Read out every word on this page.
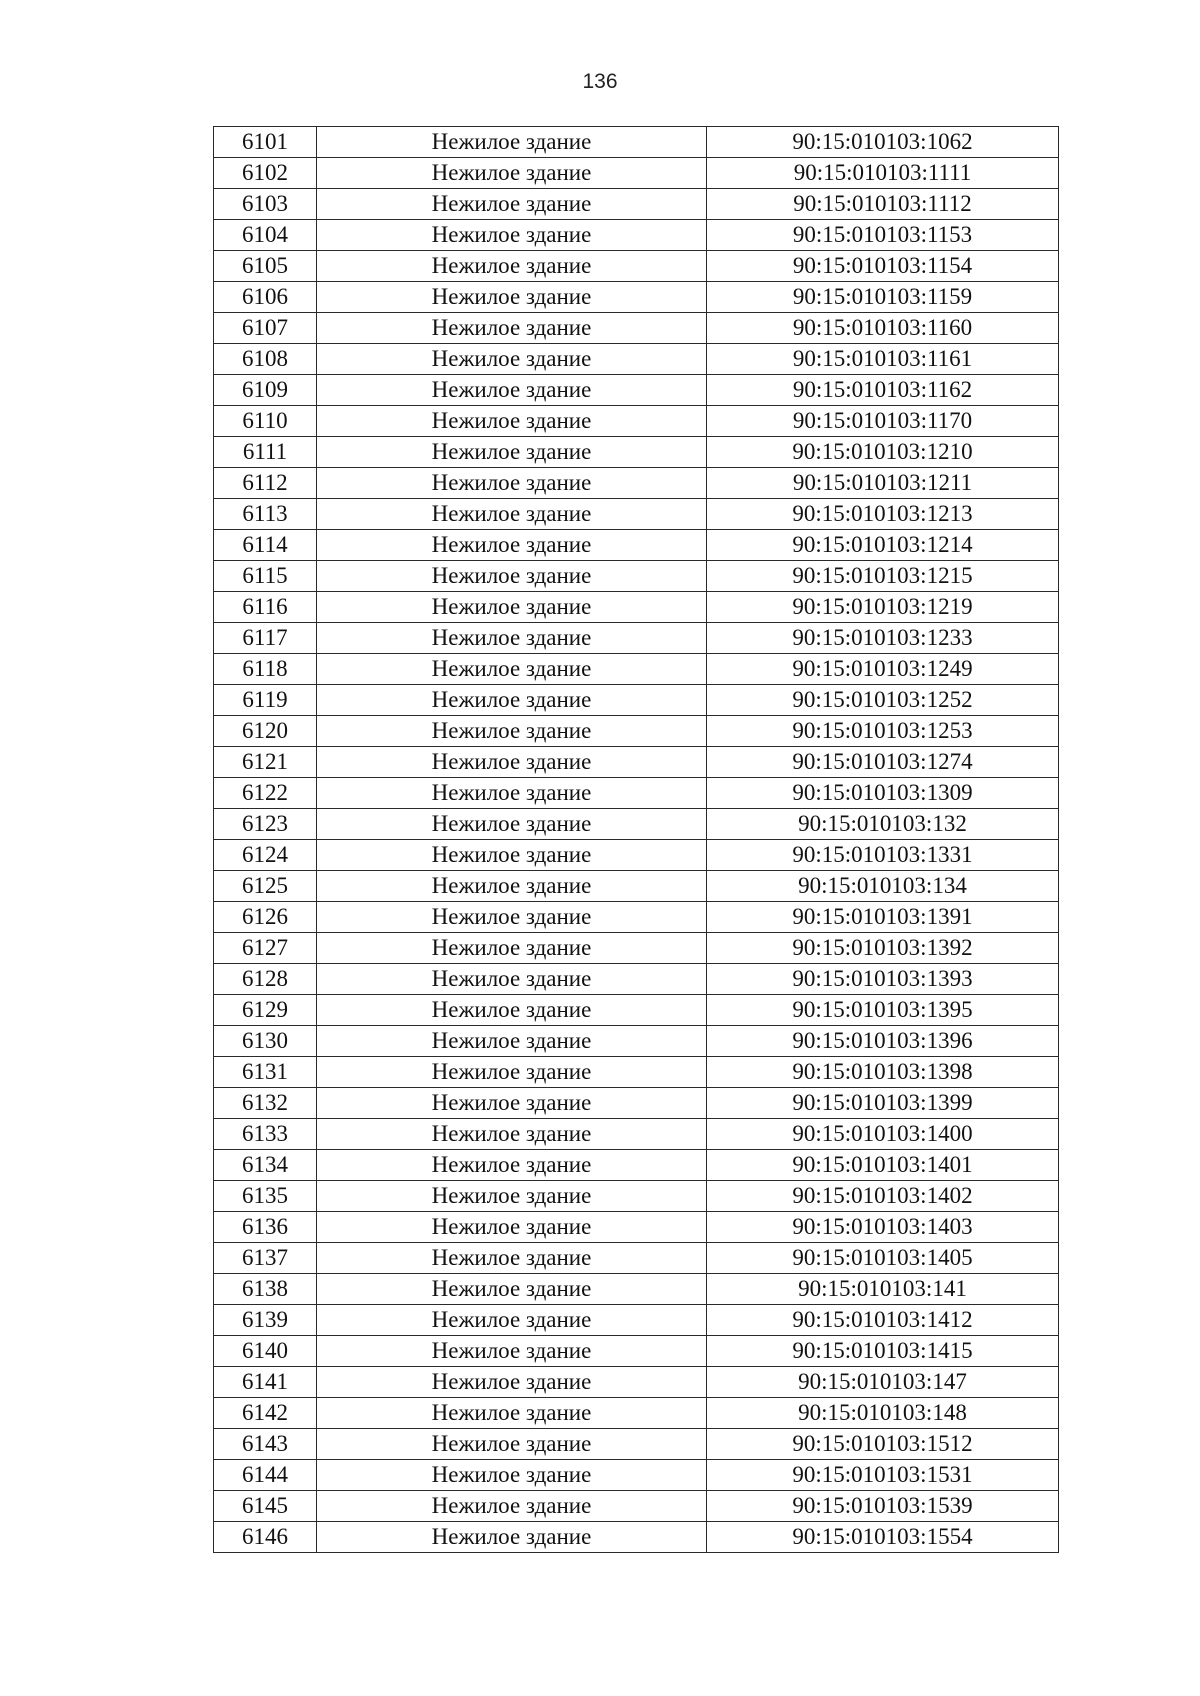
136
6101	Нежилое здание	90:15:010103:1062
6102	Нежилое здание	90:15:010103:1111
6103	Нежилое здание	90:15:010103:1112
6104	Нежилое здание	90:15:010103:1153
6105	Нежилое здание	90:15:010103:1154
6106	Нежилое здание	90:15:010103:1159
6107	Нежилое здание	90:15:010103:1160
6108	Нежилое здание	90:15:010103:1161
6109	Нежилое здание	90:15:010103:1162
6110	Нежилое здание	90:15:010103:1170
6111	Нежилое здание	90:15:010103:1210
6112	Нежилое здание	90:15:010103:1211
6113	Нежилое здание	90:15:010103:1213
6114	Нежилое здание	90:15:010103:1214
6115	Нежилое здание	90:15:010103:1215
6116	Нежилое здание	90:15:010103:1219
6117	Нежилое здание	90:15:010103:1233
6118	Нежилое здание	90:15:010103:1249
6119	Нежилое здание	90:15:010103:1252
6120	Нежилое здание	90:15:010103:1253
6121	Нежилое здание	90:15:010103:1274
6122	Нежилое здание	90:15:010103:1309
6123	Нежилое здание	90:15:010103:132
6124	Нежилое здание	90:15:010103:1331
6125	Нежилое здание	90:15:010103:134
6126	Нежилое здание	90:15:010103:1391
6127	Нежилое здание	90:15:010103:1392
6128	Нежилое здание	90:15:010103:1393
6129	Нежилое здание	90:15:010103:1395
6130	Нежилое здание	90:15:010103:1396
6131	Нежилое здание	90:15:010103:1398
6132	Нежилое здание	90:15:010103:1399
6133	Нежилое здание	90:15:010103:1400
6134	Нежилое здание	90:15:010103:1401
6135	Нежилое здание	90:15:010103:1402
6136	Нежилое здание	90:15:010103:1403
6137	Нежилое здание	90:15:010103:1405
6138	Нежилое здание	90:15:010103:141
6139	Нежилое здание	90:15:010103:1412
6140	Нежилое здание	90:15:010103:1415
6141	Нежилое здание	90:15:010103:147
6142	Нежилое здание	90:15:010103:148
6143	Нежилое здание	90:15:010103:1512
6144	Нежилое здание	90:15:010103:1531
6145	Нежилое здание	90:15:010103:1539
6146	Нежилое здание	90:15:010103:1554
